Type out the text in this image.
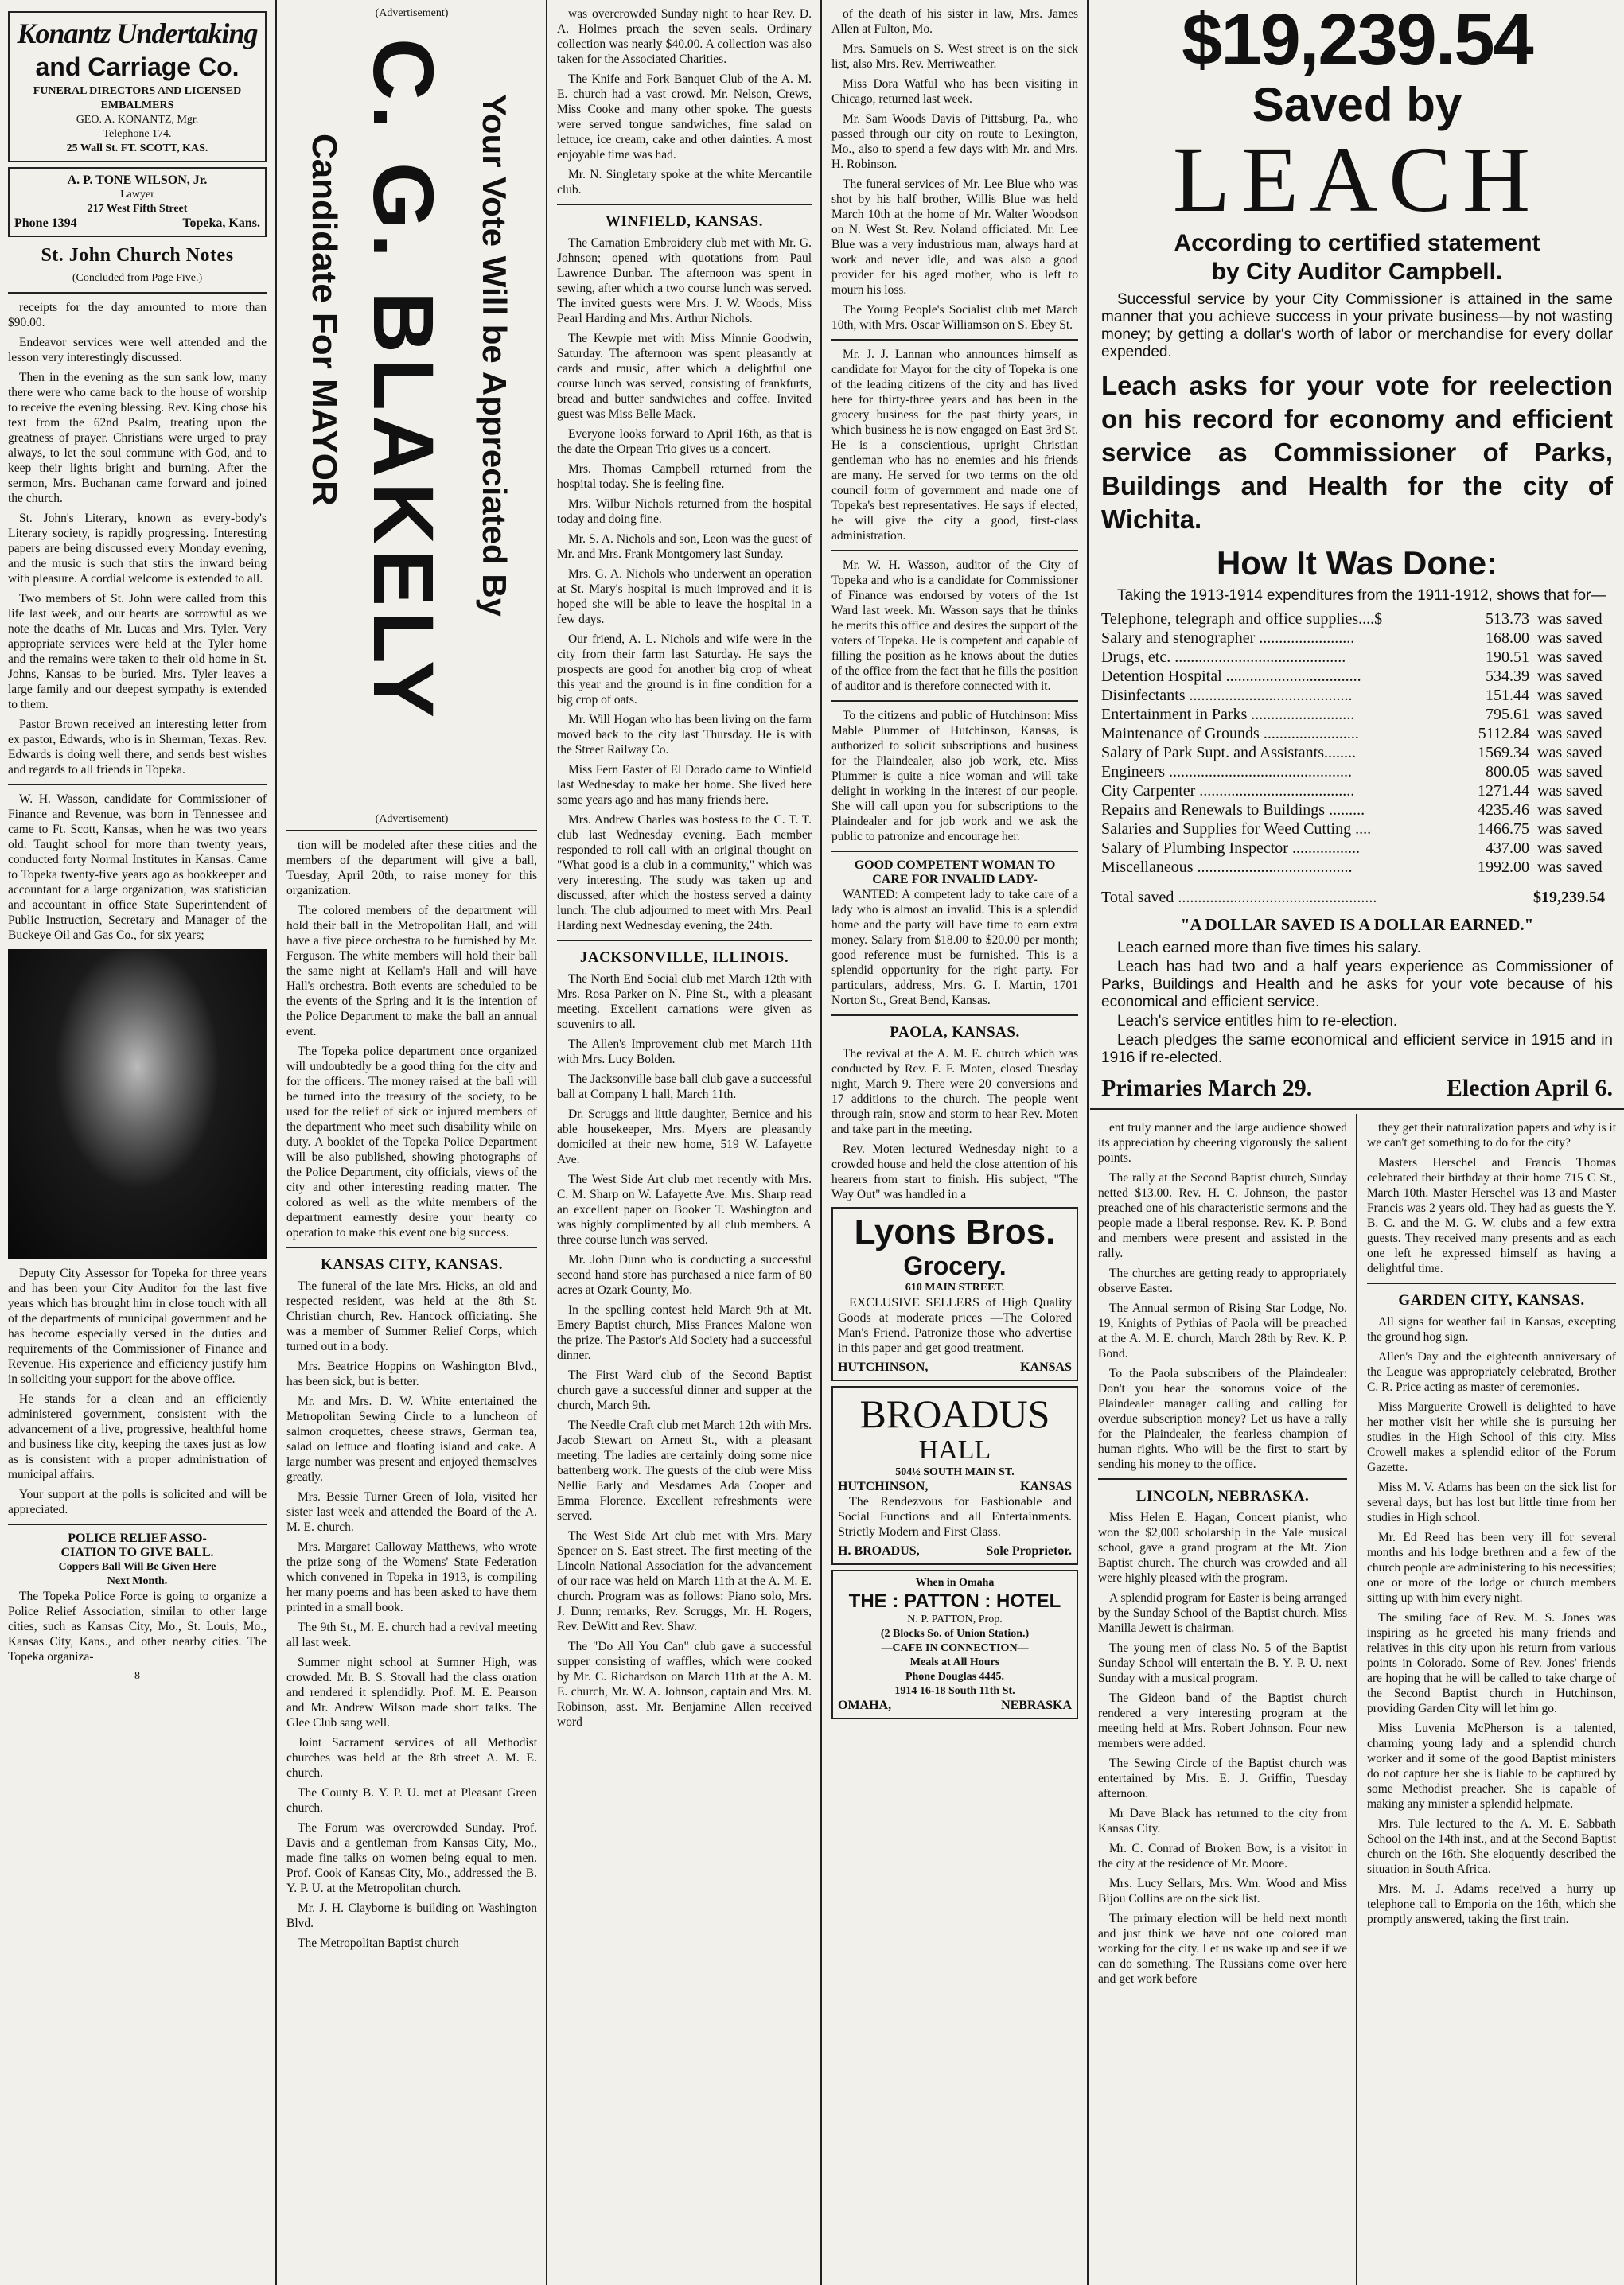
Konantz Undertaking
and Carriage Co.
FUNERAL DIRECTORS AND LICENSED EMBALMERS
GEO. A. KONANTZ, Mgr.
Telephone 174.
25 Wall St. FT. SCOTT, KAS.
A. P. TONE WILSON, Jr.
Lawyer
217 West Fifth Street
Phone 1394	Topeka, Kans.
St. John Church Notes
(Concluded from Page Five.)

receipts for the day amounted to more than $90.00.

Endeavor services were well attended and the lesson very interestingly discussed.

Then in the evening as the sun sank low, many there were who came back to the house of worship to receive the evening blessing. Rev. King chose his text from the 62nd Psalm, treating upon the greatness of prayer. Christians were urged to pray always, to let the soul commune with God, and to keep their lights bright and burning. After the sermon, Mrs. Buchanan came forward and joined the church.

St. John's Literary, known as every-body's Literary society, is rapidly progressing. Interesting papers are being discussed every Monday evening, and the music is such that stirs the inward being with pleasure. A cordial welcome is extended to all.

Two members of St. John were called from this life last week, and our hearts are sorrowful as we note the deaths of Mr. Lucas and Mrs. Tyler. Very appropriate services were held at the Tyler home and the remains were taken to their old home in St. Johns, Kansas to be buried. Mrs. Tyler leaves a large family and our deepest sympathy is extended to them.

Pastor Brown received an interesting letter from ex pastor, Edwards, who is in Sherman, Texas. Rev. Edwards is doing well there, and sends best wishes and regards to all friends in Topeka.

W. H. Wasson, candidate for Commissioner of Finance and Revenue, was born in Tennessee and came to Ft. Scott, Kansas, when he was two years old. Taught school for more than twenty years, conducted forty Normal Institutes in Kansas. Came to Topeka twenty-five years ago as bookkeeper and accountant for a large organization, was statistician and accountant in office State Superintendent of Public Instruction, Secretary and Manager of the Buckeye Oil and Gas Co., for six years;

Deputy City Assessor for Topeka for three years and has been your City Auditor for the last five years which has brought him in close touch with all of the departments of municipal government and he has become especially versed in the duties and requirements of the Commissioner of Finance and Revenue. His experience and efficiency justify him in soliciting your support for the above office.

He stands for a clean and an efficiently administered government, consistent with the advancement of a live, progressive, healthful home and business like city, keeping the taxes just as low as is consistent with a proper administration of municipal affairs.

Your support at the polls is solicited and will be appreciated.

POLICE RELIEF ASSO-
CIATION TO GIVE BALL.
Coppers Ball Will Be Given Here
Next Month.

The Topeka Police Force is going to organize a Police Relief Association, similar to other large cities, such as Kansas City, Mo., St. Louis, Mo., Kansas City, Kans., and other nearby cities. The Topeka organiza-

8
(Advertisement)
Your Vote Will be Appreciated By
C. G. BLAKELY
Candidate For MAYOR
(Advertisement)

tion will be modeled after these cities and the members of the department will give a ball, Tuesday, April 20th, to raise money for this organization.

The colored members of the department will hold their ball in the Metropolitan Hall, and will have a five piece orchestra to be furnished by Mr. Ferguson. The white members will hold their ball the same night at Kellam's Hall and will have Hall's orchestra. Both events are scheduled to be the events of the Spring and it is the intention of the Police Department to make the ball an annual event.

The Topeka police department once organized will undoubtedly be a good thing for the city and for the officers. The money raised at the ball will be turned into the treasury of the society, to be used for the relief of sick or injured members of the department who meet such disability while on duty. A booklet of the Topeka Police Department will be also published, showing photographs of the Police Department, city officials, views of the city and other interesting reading matter. The colored as well as the white members of the department earnestly desire your hearty co operation to make this event one big success.

KANSAS CITY, KANSAS.

The funeral of the late Mrs. Hicks, an old and respected resident, was held at the 8th St. Christian church, Rev. Hancock officiating. She was a member of Summer Relief Corps, which turned out in a body.

Mrs. Beatrice Hoppins on Washington Blvd., has been sick, but is better.

Mr. and Mrs. D. W. White entertained the Metropolitan Sewing Circle to a luncheon of salmon croquettes, cheese straws, German tea, salad on lettuce and floating island and cake. A large number was present and enjoyed themselves greatly.

Mrs. Bessie Turner Green of Iola, visited her sister last week and attended the Board of the A. M. E. church.

Mrs. Margaret Calloway Matthews, who wrote the prize song of the Womens' State Federation which convened in Topeka in 1913, is compiling her many poems and has been asked to have them printed in a small book.

The 9th St., M. E. church had a revival meeting all last week.

Summer night school at Sumner High, was crowded. Mr. B. S. Stovall had the class oration and rendered it splendidly. Prof. M. E. Pearson and Mr. Andrew Wilson made short talks. The Glee Club sang well.

Joint Sacrament services of all Methodist churches was held at the 8th street A. M. E. church.

The County B. Y. P. U. met at Pleasant Green church.

The Forum was overcrowded Sunday. Prof. Davis and a gentleman from Kansas City, Mo., made fine talks on women being equal to men. Prof. Cook of Kansas City, Mo., addressed the B. Y. P. U. at the Metropolitan church.

Mr. J. H. Clayborne is building on Washington Blvd.

The Metropolitan Baptist church

was overcrowded Sunday night to hear Rev. D. A. Holmes preach the seven seals. Ordinary collection was nearly $40.00. A collection was also taken for the Associated Charities.

The Knife and Fork Banquet Club of the A. M. E. church had a vast crowd. Mr. Nelson, Crews, Miss Cooke and many other spoke. The guests were served tongue sandwiches, fine salad on lettuce, ice cream, cake and other dainties. A most enjoyable time was had.

Mr. N. Singletary spoke at the white Mercantile club.

WINFIELD, KANSAS.

The Carnation Embroidery club met with Mr. G. Johnson; opened with quotations from Paul Lawrence Dunbar. The afternoon was spent in sewing, after which a two course lunch was served. The invited guests were Mrs. J. W. Woods, Miss Pearl Harding and Mrs. Arthur Nichols.

The Kewpie met with Miss Minnie Goodwin, Saturday. The afternoon was spent pleasantly at cards and music, after which a delightful one course lunch was served, consisting of frankfurts, bread and butter sandwiches and coffee. Invited guest was Miss Belle Mack.

Everyone looks forward to April 16th, as that is the date the Orpean Trio gives us a concert.

Mrs. Thomas Campbell returned from the hospital today. She is feeling fine.

Mrs. Wilbur Nichols returned from the hospital today and doing fine.

Mr. S. A. Nichols and son, Leon was the guest of Mr. and Mrs. Frank Montgomery last Sunday.

Mrs. G. A. Nichols who underwent an operation at St. Mary's hospital is much improved and it is hoped she will be able to leave the hospital in a few days.

Our friend, A. L. Nichols and wife were in the city from their farm last Saturday. He says the prospects are good for another big crop of wheat this year and the ground is in fine condition for a big crop of oats.

Mr. Will Hogan who has been living on the farm moved back to the city last Thursday. He is with the Street Railway Co.

Miss Fern Easter of El Dorado came to Winfield last Wednesday to make her home. She lived here some years ago and has many friends here.

Mrs. Andrew Charles was hostess to the C. T. T. club last Wednesday evening. Each member responded to roll call with an original thought on "What good is a club in a community," which was very interesting. The study was taken up and discussed, after which the hostess served a dainty lunch. The club adjourned to meet with Mrs. Pearl Harding next Wednesday evening, the 24th.

JACKSONVILLE, ILLINOIS.

The North End Social club met March 12th with Mrs. Rosa Parker on N. Pine St., with a pleasant meeting. Excellent carnations were given as souvenirs to all.

The Allen's Improvement club met March 11th with Mrs. Lucy Bolden.

The Jacksonville base ball club gave a successful ball at Company L hall, March 11th.

Dr. Scruggs and little daughter, Bernice and his able housekeeper, Mrs. Myers are pleasantly domiciled at their new home, 519 W. Lafayette Ave.

The West Side Art club met recently with Mrs. C. M. Sharp on W. Lafayette Ave. Mrs. Sharp read an excellent paper on Booker T. Washington and was highly complimented by all club members. A three course lunch was served.

Mr. John Dunn who is conducting a successful second hand store has purchased a nice farm of 80 acres at Ozark County, Mo.

In the spelling contest held March 9th at Mt. Emery Baptist church, Miss Frances Malone won the prize. The Pastor's Aid Society had a successful dinner.

The First Ward club of the Second Baptist church gave a successful dinner and supper at the church, March 9th.

The Needle Craft club met March 12th with Mrs. Jacob Stewart on Arnett St., with a pleasant meeting. The ladies are certainly doing some nice battenberg work. The guests of the club were Miss Nellie Early and Mesdames Ada Cooper and Emma Florence. Excellent refreshments were served.

The West Side Art club met with Mrs. Mary Spencer on S. East street. The first meeting of the Lincoln National Association for the advancement of our race was held on March 11th at the A. M. E. church. Program was as follows: Piano solo, Mrs. J. Dunn; remarks, Rev. Scruggs, Mr. H. Rogers, Rev. DeWitt and Rev. Shaw.

The "Do All You Can" club gave a successful supper consisting of waffles, which were cooked by Mr. C. Richardson on March 11th at the A. M. E. church, Mr. W. A. Johnson, captain and Mrs. M. Robinson, asst. Mr. Benjamine Allen received word

of the death of his sister in law, Mrs. James Allen at Fulton, Mo.

Mrs. Samuels on S. West street is on the sick list, also Mrs. Rev. Merriweather.

Miss Dora Watful who has been visiting in Chicago, returned last week.

Mr. Sam Woods Davis of Pittsburg, Pa., who passed through our city on route to Lexington, Mo., also to spend a few days with Mr. and Mrs. H. Robinson.

The funeral services of Mr. Lee Blue who was shot by his half brother, Willis Blue was held March 10th at the home of Mr. Walter Woodson on N. West St. Rev. Noland officiated. Mr. Lee Blue was a very industrious man, always hard at work and never idle, and was also a good provider for his aged mother, who is left to mourn his loss.

The Young People's Socialist club met March 10th, with Mrs. Oscar Williamson on S. Ebey St.

Mr. J. J. Lannan who announces himself as candidate for Mayor for the city of Topeka is one of the leading citizens of the city and has lived here for thirty-three years and has been in the grocery business for the past thirty years, in which business he is now engaged on East 3rd St. He is a conscientious, upright Christian gentleman who has no enemies and his friends are many. He served for two terms on the old council form of government and made one of Topeka's best representatives. He says if elected, he will give the city a good, first-class administration.

Mr. W. H. Wasson, auditor of the City of Topeka and who is a candidate for Commissioner of Finance was endorsed by voters of the 1st Ward last week. Mr. Wasson says that he thinks he merits this office and desires the support of the voters of Topeka. He is competent and capable of filling the position as he knows about the duties of the office from the fact that he fills the position of auditor and is therefore connected with it.

To the citizens and public of Hutchinson: Miss Mable Plummer of Hutchinson, Kansas, is authorized to solicit subscriptions and business for the Plaindealer, also job work, etc. Miss Plummer is quite a nice woman and will take delight in working in the interest of our people. She will call upon you for subscriptions to the Plaindealer and for job work and we ask the public to patronize and encourage her.

GOOD COMPETENT WOMAN TO
CARE FOR INVALID LADY-

WANTED: A competent lady to take care of a lady who is almost an invalid. This is a splendid home and the party will have time to earn extra money. Salary from $18.00 to $20.00 per month; good reference must be furnished. This is a splendid opportunity for the right party. For particulars, address, Mrs. G. I. Martin, 1701 Norton St., Great Bend, Kansas.

PAOLA, KANSAS.

The revival at the A. M. E. church which was conducted by Rev. F. F. Moten, closed Tuesday night, March 9. There were 20 conversions and 17 additions to the church. The people went through rain, snow and storm to hear Rev. Moten and take part in the meeting.

Rev. Moten lectured Wednesday night to a crowded house and held the close attention of his hearers from start to finish. His subject, "The Way Out" was handled in a

Lyons Bros.
Grocery.
610 MAIN STREET.

EXCLUSIVE SELLERS of High Quality Goods at moderate prices —The Colored Man's Friend. Patronize those who advertise in this paper and get good treatment.

HUTCHINSON,	KANSAS
BROADUS
HALL
504½ SOUTH MAIN ST.
HUTCHINSON,	KANSAS

The Rendezvous for Fashionable and Social Functions and all Entertainments. Strictly Modern and First Class.

H. BROADUS,	Sole Proprietor.
When in Omaha
THE : PATTON : HOTEL
N. P. PATTON, Prop.
(2 Blocks So. of Union Station.)
—CAFE IN CONNECTION—
Meals at All Hours
Phone Douglas 4445.
1914 16-18 South 11th St.
OMAHA,	NEBRASKA
$19,239.54
Saved by
LEACH
According to certified statement
by City Auditor Campbell.
Successful service by your City Commissioner is attained in the same manner that you achieve success in your private business—by not wasting money; by getting a dollar's worth of labor or merchandise for every dollar expended.
Leach asks for your vote for reelection on his record for economy and efficient service as Commissioner of Parks, Buildings and Health for the city of Wichita.
How It Was Done:
Taking the 1913-1914 expenditures from the 1911-1912, shows that for—
Telephone, telegraph and office supplies....$	513.73	was saved
Salary and stenographer ........................	168.00	was saved
Drugs, etc. ...........................................	190.51	was saved
Detention Hospital ..................................	534.39	was saved
Disinfectants .........................................	151.44	was saved
Entertainment in Parks ..........................	795.61	was saved
Maintenance of Grounds ........................	5112.84	was saved
Salary of Park Supt. and Assistants........	1569.34	was saved
Engineers ..............................................	800.05	was saved
City Carpenter .......................................	1271.44	was saved
Repairs and Renewals to Buildings .........	4235.46	was saved
Salaries and Supplies for Weed Cutting ....	1466.75	was saved
Salary of Plumbing Inspector .................	437.00	was saved
Miscellaneous .......................................	1992.00	was saved
Total saved ..................................................	$19,239.54
"A DOLLAR SAVED IS A DOLLAR EARNED."
Leach earned more than five times his salary.
Leach has had two and a half years experience as Commissioner of Parks, Buildings and Health and he asks for your vote because of his economical and efficient service.
Leach's service entitles him to re-election.
Leach pledges the same economical and efficient service in 1915 and in 1916 if re-elected.
Primaries March 29.	Election April 6.

ent truly manner and the large audience showed its appreciation by cheering vigorously the salient points.

The rally at the Second Baptist church, Sunday netted $13.00. Rev. H. C. Johnson, the pastor preached one of his characteristic sermons and the people made a liberal response. Rev. K. P. Bond and members were present and assisted in the rally.

The churches are getting ready to appropriately observe Easter.

The Annual sermon of Rising Star Lodge, No. 19, Knights of Pythias of Paola will be preached at the A. M. E. church, March 28th by Rev. K. P. Bond.

To the Paola subscribers of the Plaindealer: Don't you hear the sonorous voice of the Plaindealer manager calling and calling for overdue subscription money? Let us have a rally for the Plaindealer, the fearless champion of human rights. Who will be the first to start by sending his money to the office.

LINCOLN, NEBRASKA.

Miss Helen E. Hagan, Concert pianist, who won the $2,000 scholarship in the Yale musical school, gave a grand program at the Mt. Zion Baptist church. The church was crowded and all were highly pleased with the program.

A splendid program for Easter is being arranged by the Sunday School of the Baptist church. Miss Manilla Jewett is chairman.

The young men of class No. 5 of the Baptist Sunday School will entertain the B. Y. P. U. next Sunday with a musical program.

The Gideon band of the Baptist church rendered a very interesting program at the meeting held at Mrs. Robert Johnson. Four new members were added.

The Sewing Circle of the Baptist church was entertained by Mrs. E. J. Griffin, Tuesday afternoon.

Mr Dave Black has returned to the city from Kansas City.

Mr. C. Conrad of Broken Bow, is a visitor in the city at the residence of Mr. Moore.

Mrs. Lucy Sellars, Mrs. Wm. Wood and Miss Bijou Collins are on the sick list.

The primary election will be held next month and just think we have not one colored man working for the city. Let us wake up and see if we can do something. The Russians come over here and get work before

they get their naturalization papers and why is it we can't get something to do for the city?

Masters Herschel and Francis Thomas celebrated their birthday at their home 715 C St., March 10th. Master Herschel was 13 and Master Francis was 2 years old. They had as guests the Y. B. C. and the M. G. W. clubs and a few extra guests. They received many presents and as each one left he expressed himself as having a delightful time.

GARDEN CITY, KANSAS.

All signs for weather fail in Kansas, excepting the ground hog sign.

Allen's Day and the eighteenth anniversary of the League was appropriately celebrated, Brother C. R. Price acting as master of ceremonies.

Miss Marguerite Crowell is delighted to have her mother visit her while she is pursuing her studies in the High School of this city. Miss Crowell makes a splendid editor of the Forum Gazette.

Miss M. V. Adams has been on the sick list for several days, but has lost but little time from her studies in High school.

Mr. Ed Reed has been very ill for several months and his lodge brethren and a few of the church people are administering to his necessities; one or more of the lodge or church members sitting up with him every night.

The smiling face of Rev. M. S. Jones was inspiring as he greeted his many friends and relatives in this city upon his return from various points in Colorado. Some of Rev. Jones' friends are hoping that he will be called to take charge of the Second Baptist church in Hutchinson, providing Garden City will let him go.

Miss Luvenia McPherson is a talented, charming young lady and a splendid church worker and if some of the good Baptist ministers do not capture her she is liable to be captured by some Methodist preacher. She is capable of making any minister a splendid helpmate.

Mrs. Tule lectured to the A. M. E. Sabbath School on the 14th inst., and at the Second Baptist church on the 16th. She eloquently described the situation in South Africa.

Mrs. M. J. Adams received a hurry up telephone call to Emporia on the 16th, which she promptly answered, taking the first train.
